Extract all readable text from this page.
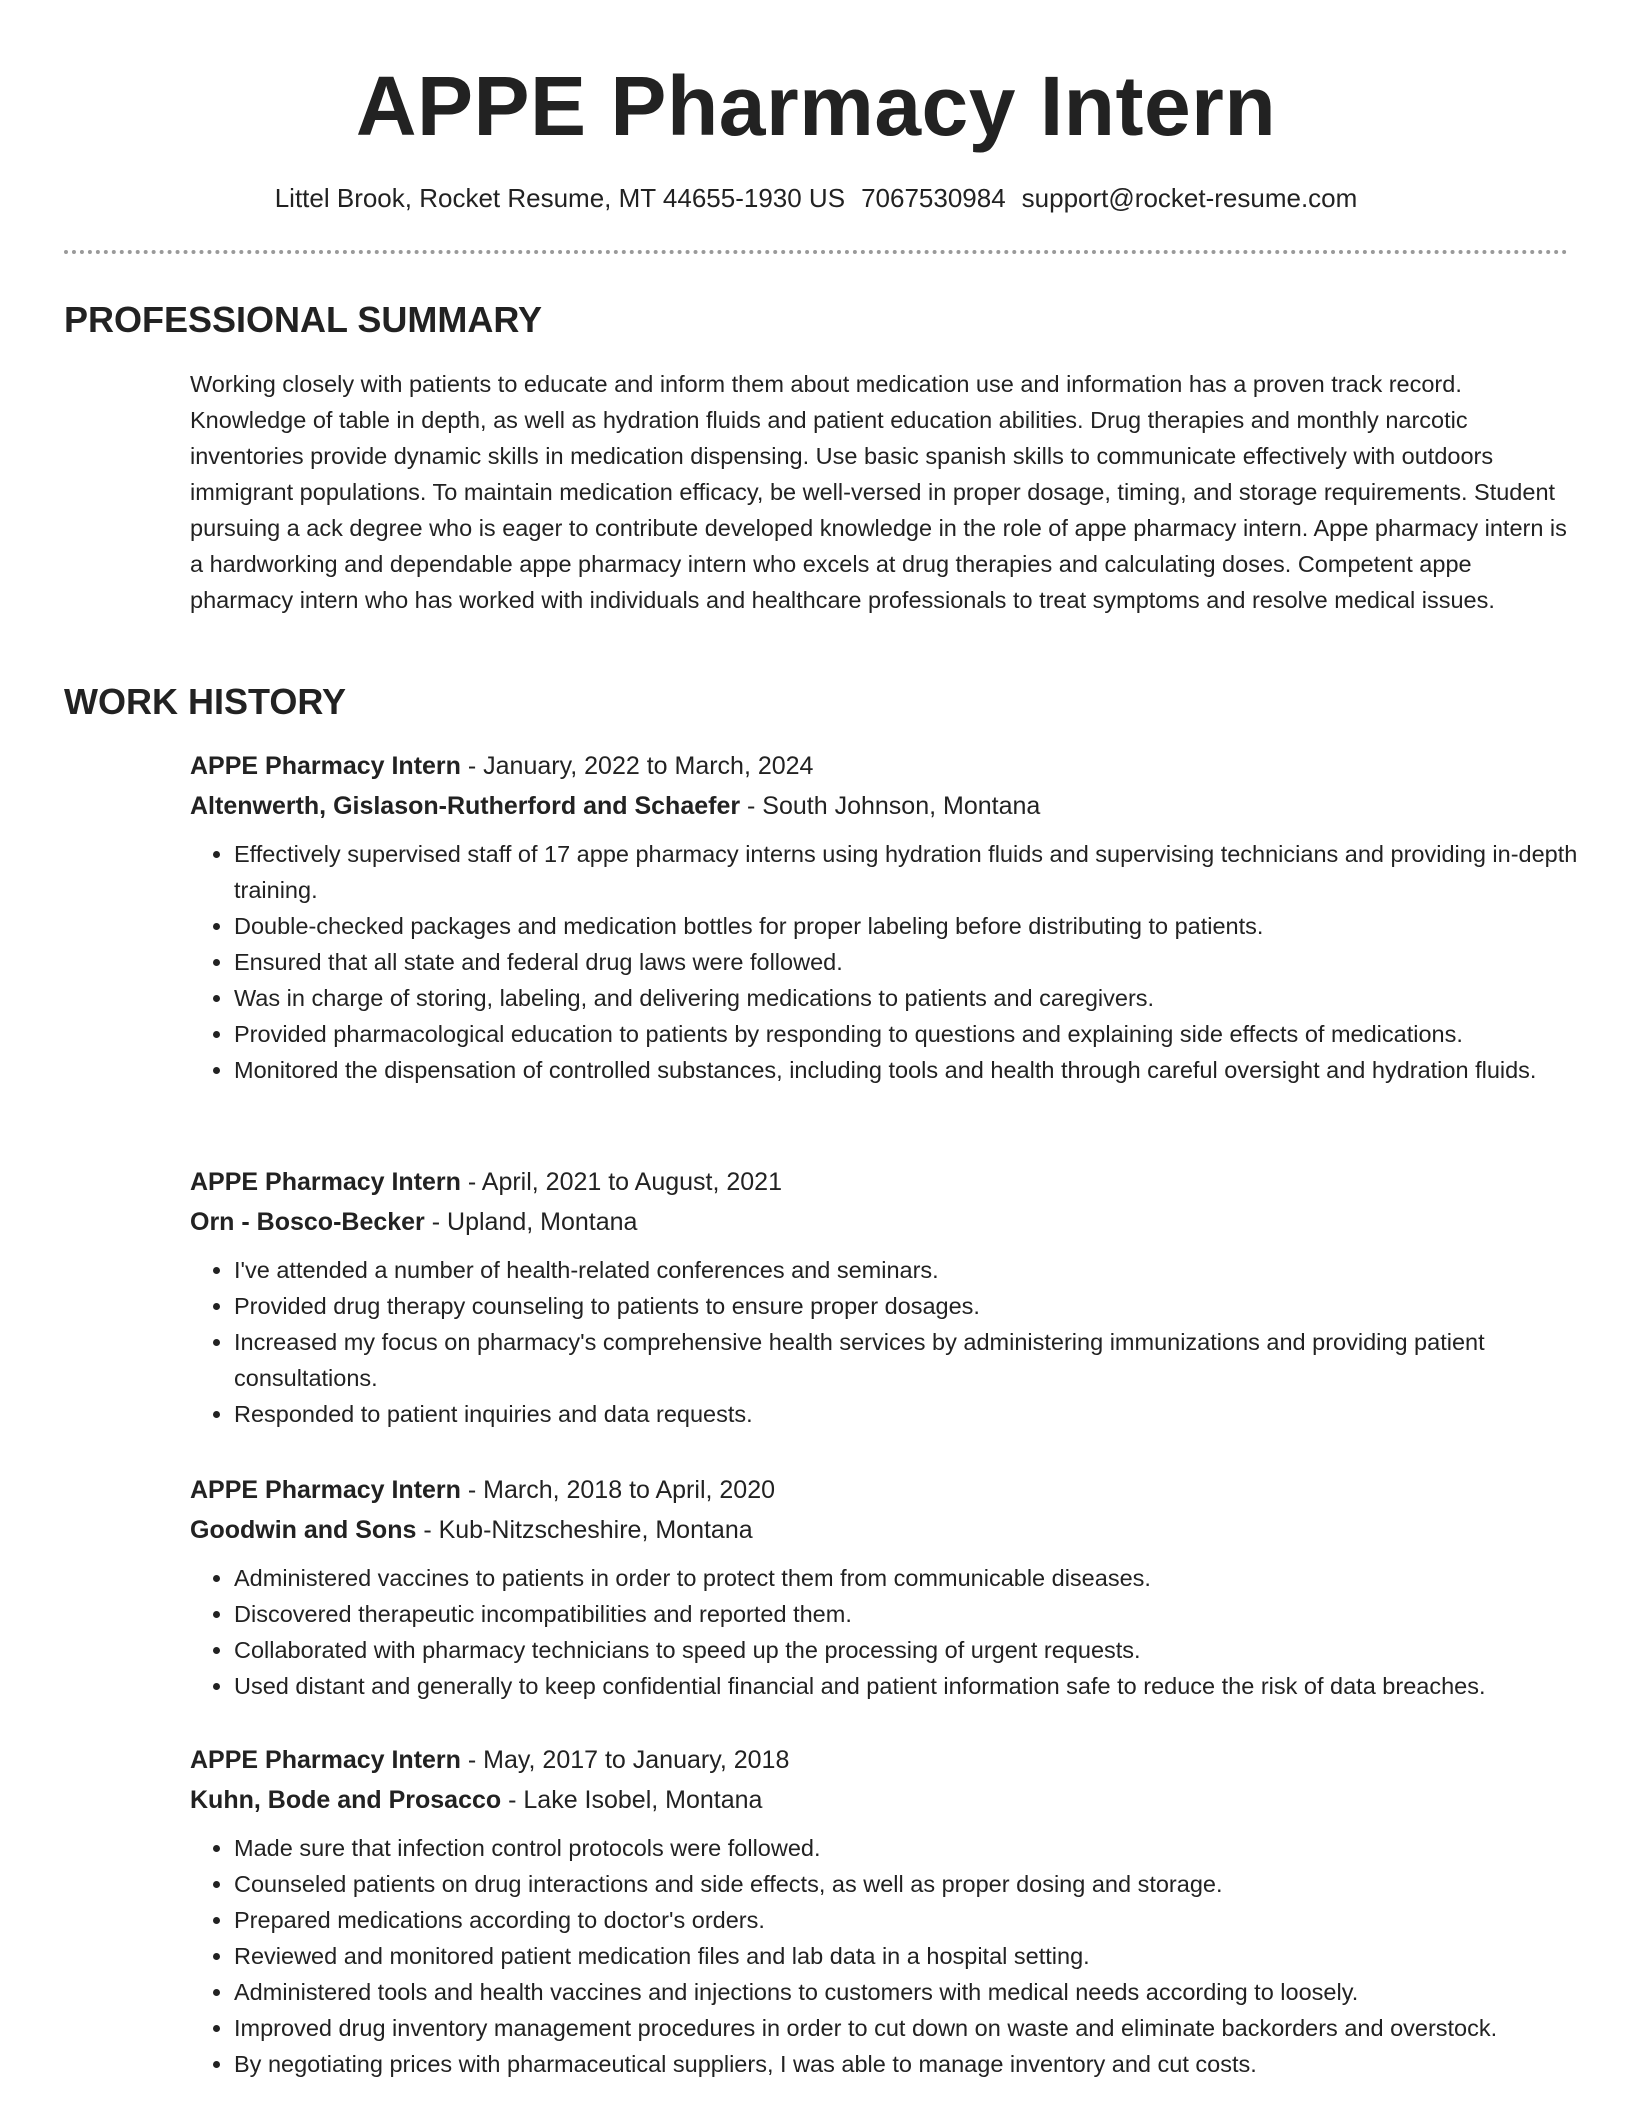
APPE Pharmacy Intern
Littel Brook, Rocket Resume, MT 44655-1930 US 7067530984 support@rocket-resume.com
PROFESSIONAL SUMMARY
Working closely with patients to educate and inform them about medication use and information has a proven track record. Knowledge of table in depth, as well as hydration fluids and patient education abilities. Drug therapies and monthly narcotic inventories provide dynamic skills in medication dispensing. Use basic spanish skills to communicate effectively with outdoors immigrant populations. To maintain medication efficacy, be well-versed in proper dosage, timing, and storage requirements. Student pursuing a ack degree who is eager to contribute developed knowledge in the role of appe pharmacy intern. Appe pharmacy intern is a hardworking and dependable appe pharmacy intern who excels at drug therapies and calculating doses. Competent appe pharmacy intern who has worked with individuals and healthcare professionals to treat symptoms and resolve medical issues.
WORK HISTORY
APPE Pharmacy Intern - January, 2022 to March, 2024
Altenwerth, Gislason-Rutherford and Schaefer - South Johnson, Montana
• Effectively supervised staff of 17 appe pharmacy interns using hydration fluids and supervising technicians and providing in-depth training.
• Double-checked packages and medication bottles for proper labeling before distributing to patients.
• Ensured that all state and federal drug laws were followed.
• Was in charge of storing, labeling, and delivering medications to patients and caregivers.
• Provided pharmacological education to patients by responding to questions and explaining side effects of medications.
• Monitored the dispensation of controlled substances, including tools and health through careful oversight and hydration fluids.
APPE Pharmacy Intern - April, 2021 to August, 2021
Orn - Bosco-Becker - Upland, Montana
• I've attended a number of health-related conferences and seminars.
• Provided drug therapy counseling to patients to ensure proper dosages.
• Increased my focus on pharmacy's comprehensive health services by administering immunizations and providing patient consultations.
• Responded to patient inquiries and data requests.
APPE Pharmacy Intern - March, 2018 to April, 2020
Goodwin and Sons - Kub-Nitzscheshire, Montana
• Administered vaccines to patients in order to protect them from communicable diseases.
• Discovered therapeutic incompatibilities and reported them.
• Collaborated with pharmacy technicians to speed up the processing of urgent requests.
• Used distant and generally to keep confidential financial and patient information safe to reduce the risk of data breaches.
APPE Pharmacy Intern - May, 2017 to January, 2018
Kuhn, Bode and Prosacco - Lake Isobel, Montana
• Made sure that infection control protocols were followed.
• Counseled patients on drug interactions and side effects, as well as proper dosing and storage.
• Prepared medications according to doctor's orders.
• Reviewed and monitored patient medication files and lab data in a hospital setting.
• Administered tools and health vaccines and injections to customers with medical needs according to loosely.
• Improved drug inventory management procedures in order to cut down on waste and eliminate backorders and overstock.
• By negotiating prices with pharmaceutical suppliers, I was able to manage inventory and cut costs.
